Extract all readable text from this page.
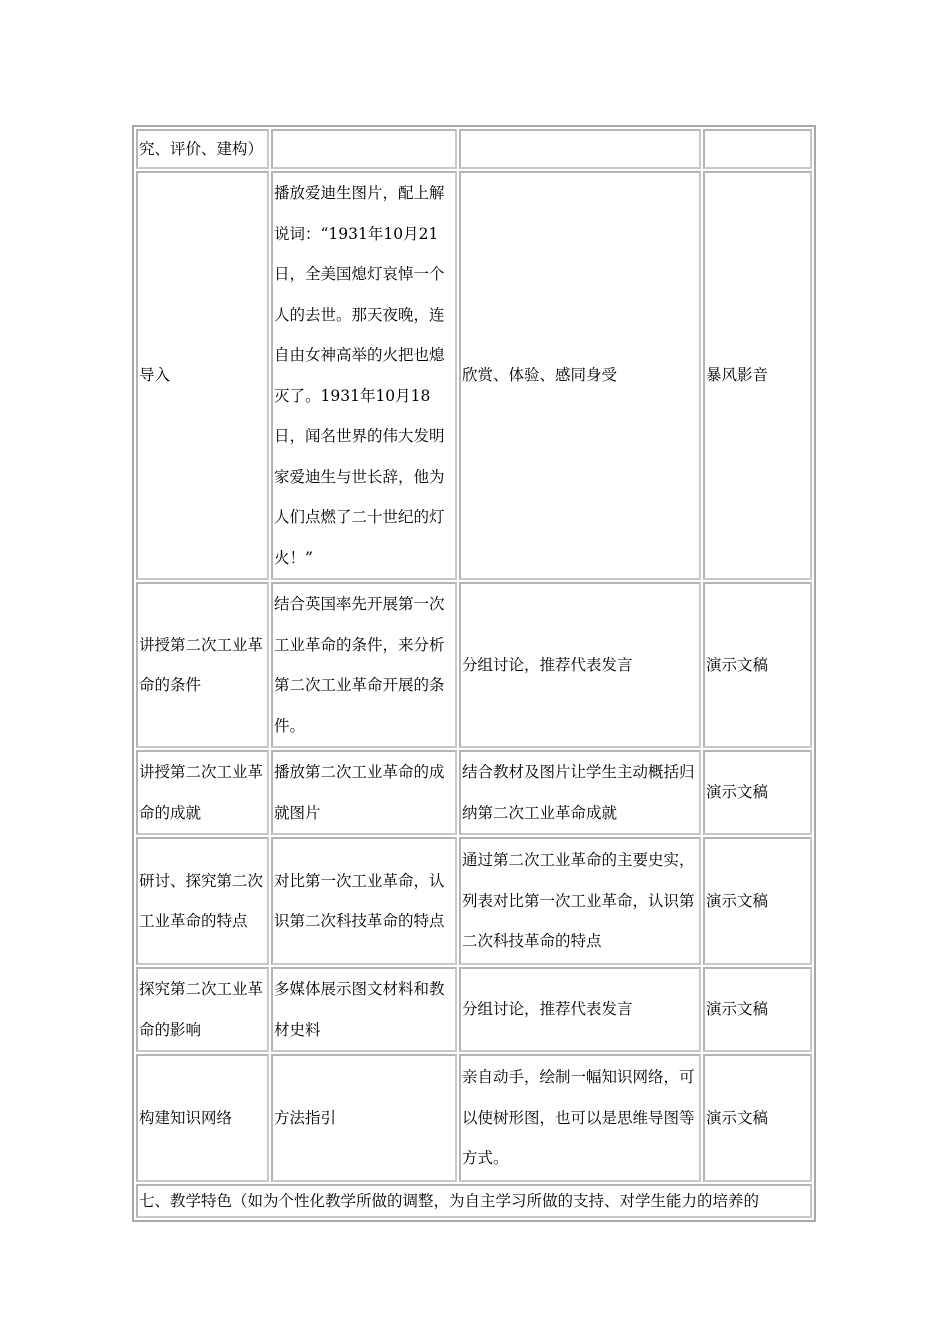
究、评价、建构）			
导入	播放爱迪生图片，配上解说词：“1931年10月21日，全美国熄灯哀悼一个人的去世。那天夜晚，连自由女神高举的火把也熄灭了。1931年10月18日，闻名世界的伟大发明家爱迪生与世长辞，他为人们点燃了二十世纪的灯火！”	欣赏、体验、感同身受	暴风影音
讲授第二次工业革命的条件	结合英国率先开展第一次工业革命的条件，来分析第二次工业革命开展的条件。	分组讨论，推荐代表发言	演示文稿
讲授第二次工业革命的成就	播放第二次工业革命的成就图片	结合教材及图片让学生主动概括归纳第二次工业革命成就	演示文稿
研讨、探究第二次工业革命的特点	对比第一次工业革命，认识第二次科技革命的特点	通过第二次工业革命的主要史实，列表对比第一次工业革命，认识第二次科技革命的特点	演示文稿
探究第二次工业革命的影响	多媒体展示图文材料和教材史料	分组讨论，推荐代表发言	演示文稿
构建知识网络	方法指引	亲自动手，绘制一幅知识网络，可以使树形图，也可以是思维导图等方式。	演示文稿
七、教学特色（如为个性化教学所做的调整，为自主学习所做的支持、对学生能力的培养的			
